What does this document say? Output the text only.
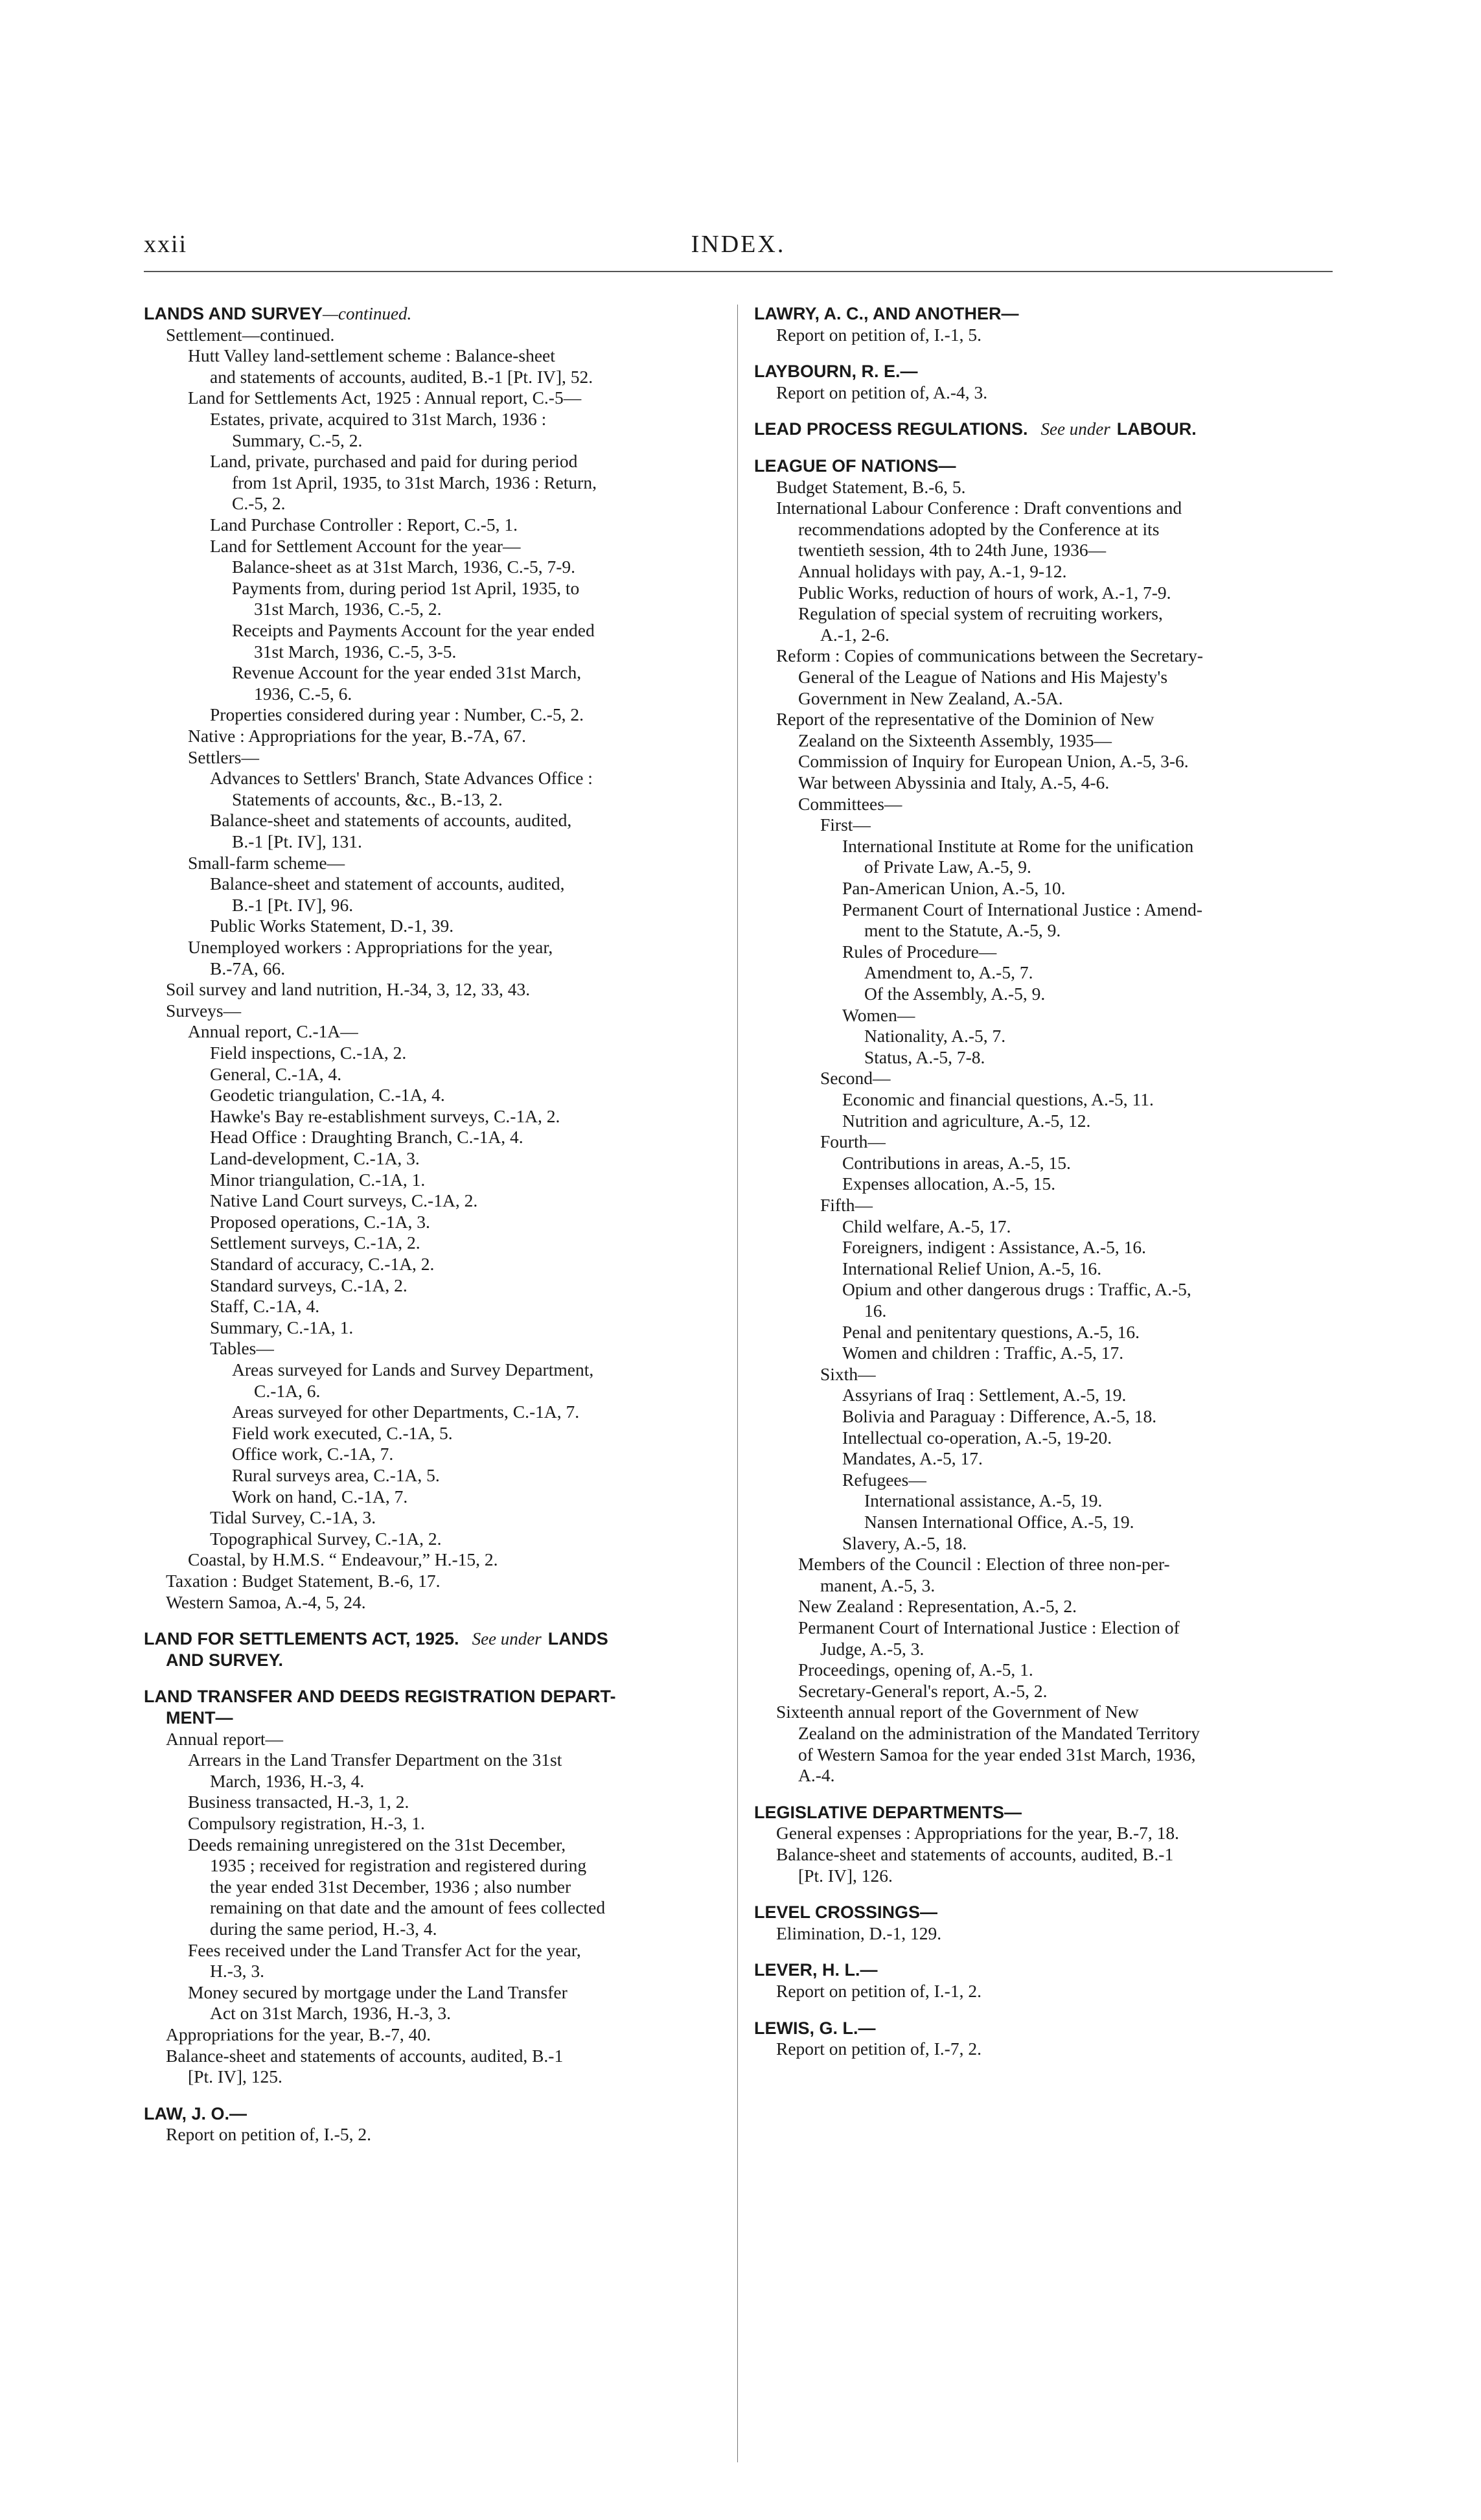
xxii	INDEX.
LANDS AND SURVEY—continued.
Settlement—continued.
Hutt Valley land-settlement scheme : Balance-sheet
and statements of accounts, audited, B.-1 [Pt. IV], 52.
Land for Settlements Act, 1925 : Annual report, C.-5—
Estates, private, acquired to 31st March, 1936 :
Summary, C.-5, 2.
Land, private, purchased and paid for during period
from 1st April, 1935, to 31st March, 1936 : Return,
C.-5, 2.
Land Purchase Controller : Report, C.-5, 1.
Land for Settlement Account for the year—
Balance-sheet as at 31st March, 1936, C.-5, 7-9.
Payments from, during period 1st April, 1935, to
31st March, 1936, C.-5, 2.
Receipts and Payments Account for the year ended
31st March, 1936, C.-5, 3-5.
Revenue Account for the year ended 31st March,
1936, C.-5, 6.
Properties considered during year : Number, C.-5, 2.
Native : Appropriations for the year, B.-7A, 67.
Settlers—
Advances to Settlers' Branch, State Advances Office :
Statements of accounts, &c., B.-13, 2.
Balance-sheet and statements of accounts, audited,
B.-1 [Pt. IV], 131.
Small-farm scheme—
Balance-sheet and statement of accounts, audited,
B.-1 [Pt. IV], 96.
Public Works Statement, D.-1, 39.
Unemployed workers : Appropriations for the year,
B.-7A, 66.
Soil survey and land nutrition, H.-34, 3, 12, 33, 43.
Surveys—
Annual report, C.-1A—
Field inspections, C.-1A, 2.
General, C.-1A, 4.
Geodetic triangulation, C.-1A, 4.
Hawke's Bay re-establishment surveys, C.-1A, 2.
Head Office : Draughting Branch, C.-1A, 4.
Land-development, C.-1A, 3.
Minor triangulation, C.-1A, 1.
Native Land Court surveys, C.-1A, 2.
Proposed operations, C.-1A, 3.
Settlement surveys, C.-1A, 2.
Standard of accuracy, C.-1A, 2.
Standard surveys, C.-1A, 2.
Staff, C.-1A, 4.
Summary, C.-1A, 1.
Tables—
Areas surveyed for Lands and Survey Department,
C.-1A, 6.
Areas surveyed for other Departments, C.-1A, 7.
Field work executed, C.-1A, 5.
Office work, C.-1A, 7.
Rural surveys area, C.-1A, 5.
Work on hand, C.-1A, 7.
Tidal Survey, C.-1A, 3.
Topographical Survey, C.-1A, 2.
Coastal, by H.M.S. “ Endeavour,” H.-15, 2.
Taxation : Budget Statement, B.-6, 17.
Western Samoa, A.-4, 5, 24.
LAND FOR SETTLEMENTS ACT, 1925. See under LANDS
AND SURVEY.
LAND TRANSFER AND DEEDS REGISTRATION DEPART-
MENT—
Annual report—
Arrears in the Land Transfer Department on the 31st
March, 1936, H.-3, 4.
Business transacted, H.-3, 1, 2.
Compulsory registration, H.-3, 1.
Deeds remaining unregistered on the 31st December,
1935 ; received for registration and registered during
the year ended 31st December, 1936 ; also number
remaining on that date and the amount of fees collected
during the same period, H.-3, 4.
Fees received under the Land Transfer Act for the year,
H.-3, 3.
Money secured by mortgage under the Land Transfer
Act on 31st March, 1936, H.-3, 3.
Appropriations for the year, B.-7, 40.
Balance-sheet and statements of accounts, audited, B.-1
[Pt. IV], 125.
LAW, J. O.—
Report on petition of, I.-5, 2.
LAWRY, A. C., AND ANOTHER—
Report on petition of, I.-1, 5.
LAYBOURN, R. E.—
Report on petition of, A.-4, 3.
LEAD PROCESS REGULATIONS. See under LABOUR.
LEAGUE OF NATIONS—
Budget Statement, B.-6, 5.
International Labour Conference : Draft conventions and
recommendations adopted by the Conference at its
twentieth session, 4th to 24th June, 1936—
Annual holidays with pay, A.-1, 9-12.
Public Works, reduction of hours of work, A.-1, 7-9.
Regulation of special system of recruiting workers,
A.-1, 2-6.
Reform : Copies of communications between the Secretary-
General of the League of Nations and His Majesty's
Government in New Zealand, A.-5A.
Report of the representative of the Dominion of New
Zealand on the Sixteenth Assembly, 1935—
Commission of Inquiry for European Union, A.-5, 3-6.
War between Abyssinia and Italy, A.-5, 4-6.
Committees—
First—
International Institute at Rome for the unification
of Private Law, A.-5, 9.
Pan-American Union, A.-5, 10.
Permanent Court of International Justice : Amend-
ment to the Statute, A.-5, 9.
Rules of Procedure—
Amendment to, A.-5, 7.
Of the Assembly, A.-5, 9.
Women—
Nationality, A.-5, 7.
Status, A.-5, 7-8.
Second—
Economic and financial questions, A.-5, 11.
Nutrition and agriculture, A.-5, 12.
Fourth—
Contributions in areas, A.-5, 15.
Expenses allocation, A.-5, 15.
Fifth—
Child welfare, A.-5, 17.
Foreigners, indigent : Assistance, A.-5, 16.
International Relief Union, A.-5, 16.
Opium and other dangerous drugs : Traffic, A.-5,
16.
Penal and penitentary questions, A.-5, 16.
Women and children : Traffic, A.-5, 17.
Sixth—
Assyrians of Iraq : Settlement, A.-5, 19.
Bolivia and Paraguay : Difference, A.-5, 18.
Intellectual co-operation, A.-5, 19-20.
Mandates, A.-5, 17.
Refugees—
International assistance, A.-5, 19.
Nansen International Office, A.-5, 19.
Slavery, A.-5, 18.
Members of the Council : Election of three non-per-
manent, A.-5, 3.
New Zealand : Representation, A.-5, 2.
Permanent Court of International Justice : Election of
Judge, A.-5, 3.
Proceedings, opening of, A.-5, 1.
Secretary-General's report, A.-5, 2.
Sixteenth annual report of the Government of New
Zealand on the administration of the Mandated Territory
of Western Samoa for the year ended 31st March, 1936,
A.-4.
LEGISLATIVE DEPARTMENTS—
General expenses : Appropriations for the year, B.-7, 18.
Balance-sheet and statements of accounts, audited, B.-1
[Pt. IV], 126.
LEVEL CROSSINGS—
Elimination, D.-1, 129.
LEVER, H. L.—
Report on petition of, I.-1, 2.
LEWIS, G. L.—
Report on petition of, I.-7, 2.
